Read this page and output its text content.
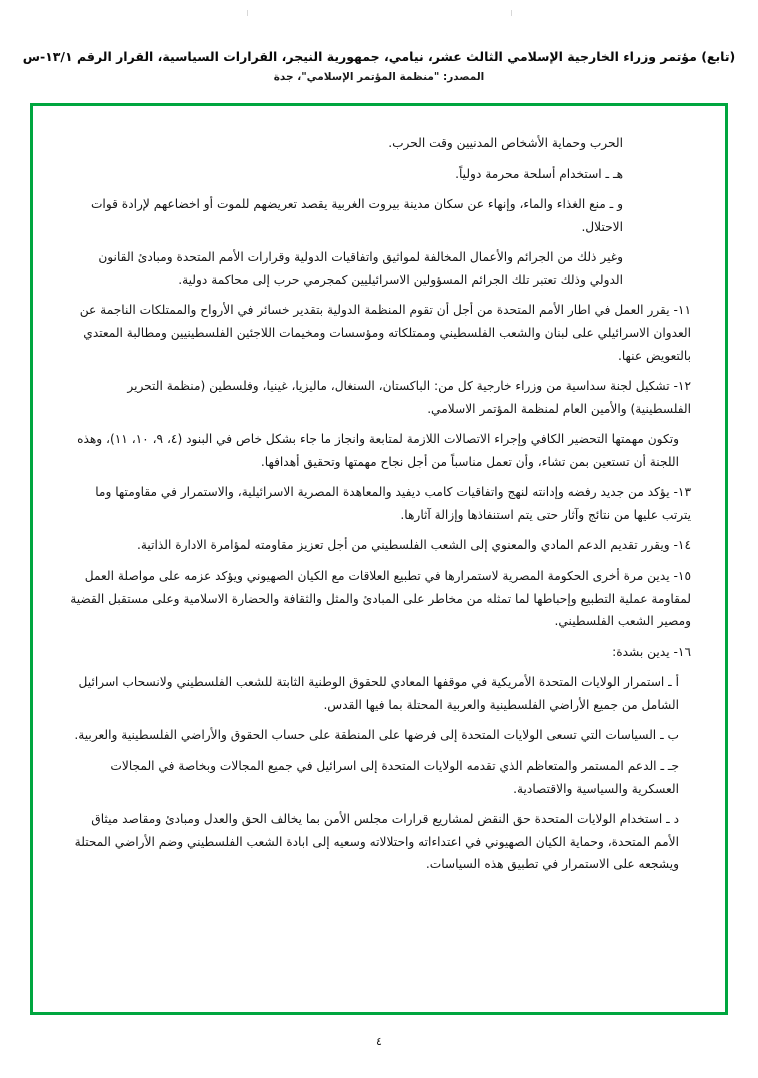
(تابع) مؤتمر وزراء الخارجية الإسلامي الثالث عشر، نيامي، جمهورية النيجر، القرارات السياسية، القرار الرقم ١٣/١-س
المصدر: "منظمة المؤتمر الإسلامي"، جدة
الحرب وحماية الأشخاص المدنيين وقت الحرب.
هـ ـ استخدام أسلحة محرمة دولياً.
و ـ منع الغذاء والماء، وإنهاء عن سكان مدينة بيروت الغربية يقصد تعريضهم للموت أو اخضاعهم لإرادة قوات الاحتلال.
وغير ذلك من الجرائم والأعمال المخالفة لمواثيق واتفاقيات الدولية وقرارات الأمم المتحدة ومبادئ القانون الدولي وذلك تعتبر تلك الجرائم المسؤولين الاسرائيليين كمجرمي حرب إلى محاكمة دولية.
١١- يقرر العمل في اطار الأمم المتحدة من أجل أن تقوم المنظمة الدولية بتقدير خسائر في الأرواح والممتلكات الناجمة عن العدوان الاسرائيلي على لبنان والشعب الفلسطيني وممتلكاته ومؤسسات ومخيمات اللاجئين الفلسطينيين ومطالبة المعتدي بالتعويض عنها.
١٢- تشكيل لجنة سداسية من وزراء خارجية كل من: الباكستان، السنغال، ماليزيا، غينيا، وفلسطين (منظمة التحرير الفلسطينية) والأمين العام لمنظمة المؤتمر الاسلامي.
وتكون مهمتها التحضير الكافي وإجراء الاتصالات اللازمة لمتابعة وانجاز ما جاء بشكل خاص في البنود (٤، ٩، ١٠، ١١)، وهذه اللجنة أن تستعين بمن تشاء، وأن تعمل مناسباً من أجل نجاح مهمتها وتحقيق أهدافها.
١٣- يؤكد من جديد رفضه وإدانته لنهج واتفاقيات كامب ديفيد والمعاهدة المصرية الاسرائيلية، والاستمرار في مقاومتها وما يترتب عليها من نتائج وآثار حتى يتم استنفاذها وإزالة آثارها.
١٤- ويقرر تقديم الدعم المادي والمعنوي إلى الشعب الفلسطيني من أجل تعزيز مقاومته لمؤامرة الادارة الذاتية.
١٥- يدين مرة أخرى الحكومة المصرية لاستمرارها في تطبيع العلاقات مع الكيان الصهيوني ويؤكد عزمه على مواصلة العمل لمقاومة عملية التطبيع وإحباطها لما تمثله من مخاطر على المبادئ والمثل والثقافة والحضارة الاسلامية وعلى مستقبل القضية ومصير الشعب الفلسطيني.
١٦- يدين بشدة:
أ ـ استمرار الولايات المتحدة الأمريكية في موقفها المعادي للحقوق الوطنية الثابتة للشعب الفلسطيني ولانسحاب اسرائيل الشامل من جميع الأراضي الفلسطينية والعربية المحتلة بما فيها القدس.
ب ـ السياسات التي تسعى الولايات المتحدة إلى فرضها على المنطقة على حساب الحقوق والأراضي الفلسطينية والعربية.
جـ ـ الدعم المستمر والمتعاظم الذي تقدمه الولايات المتحدة إلى اسرائيل في جميع المجالات وبخاصة في المجالات العسكرية والسياسية والاقتصادية.
د ـ استخدام الولايات المتحدة حق النقض لمشاريع قرارات مجلس الأمن بما يخالف الحق والعدل ومبادئ ومقاصد ميثاق الأمم المتحدة، وحماية الكيان الصهيوني في اعتداءاته واحتلالاته وسعيه إلى ابادة الشعب الفلسطيني وضم الأراضي المحتلة ويشجعه على الاستمرار في تطبيق هذه السياسات.
٤
